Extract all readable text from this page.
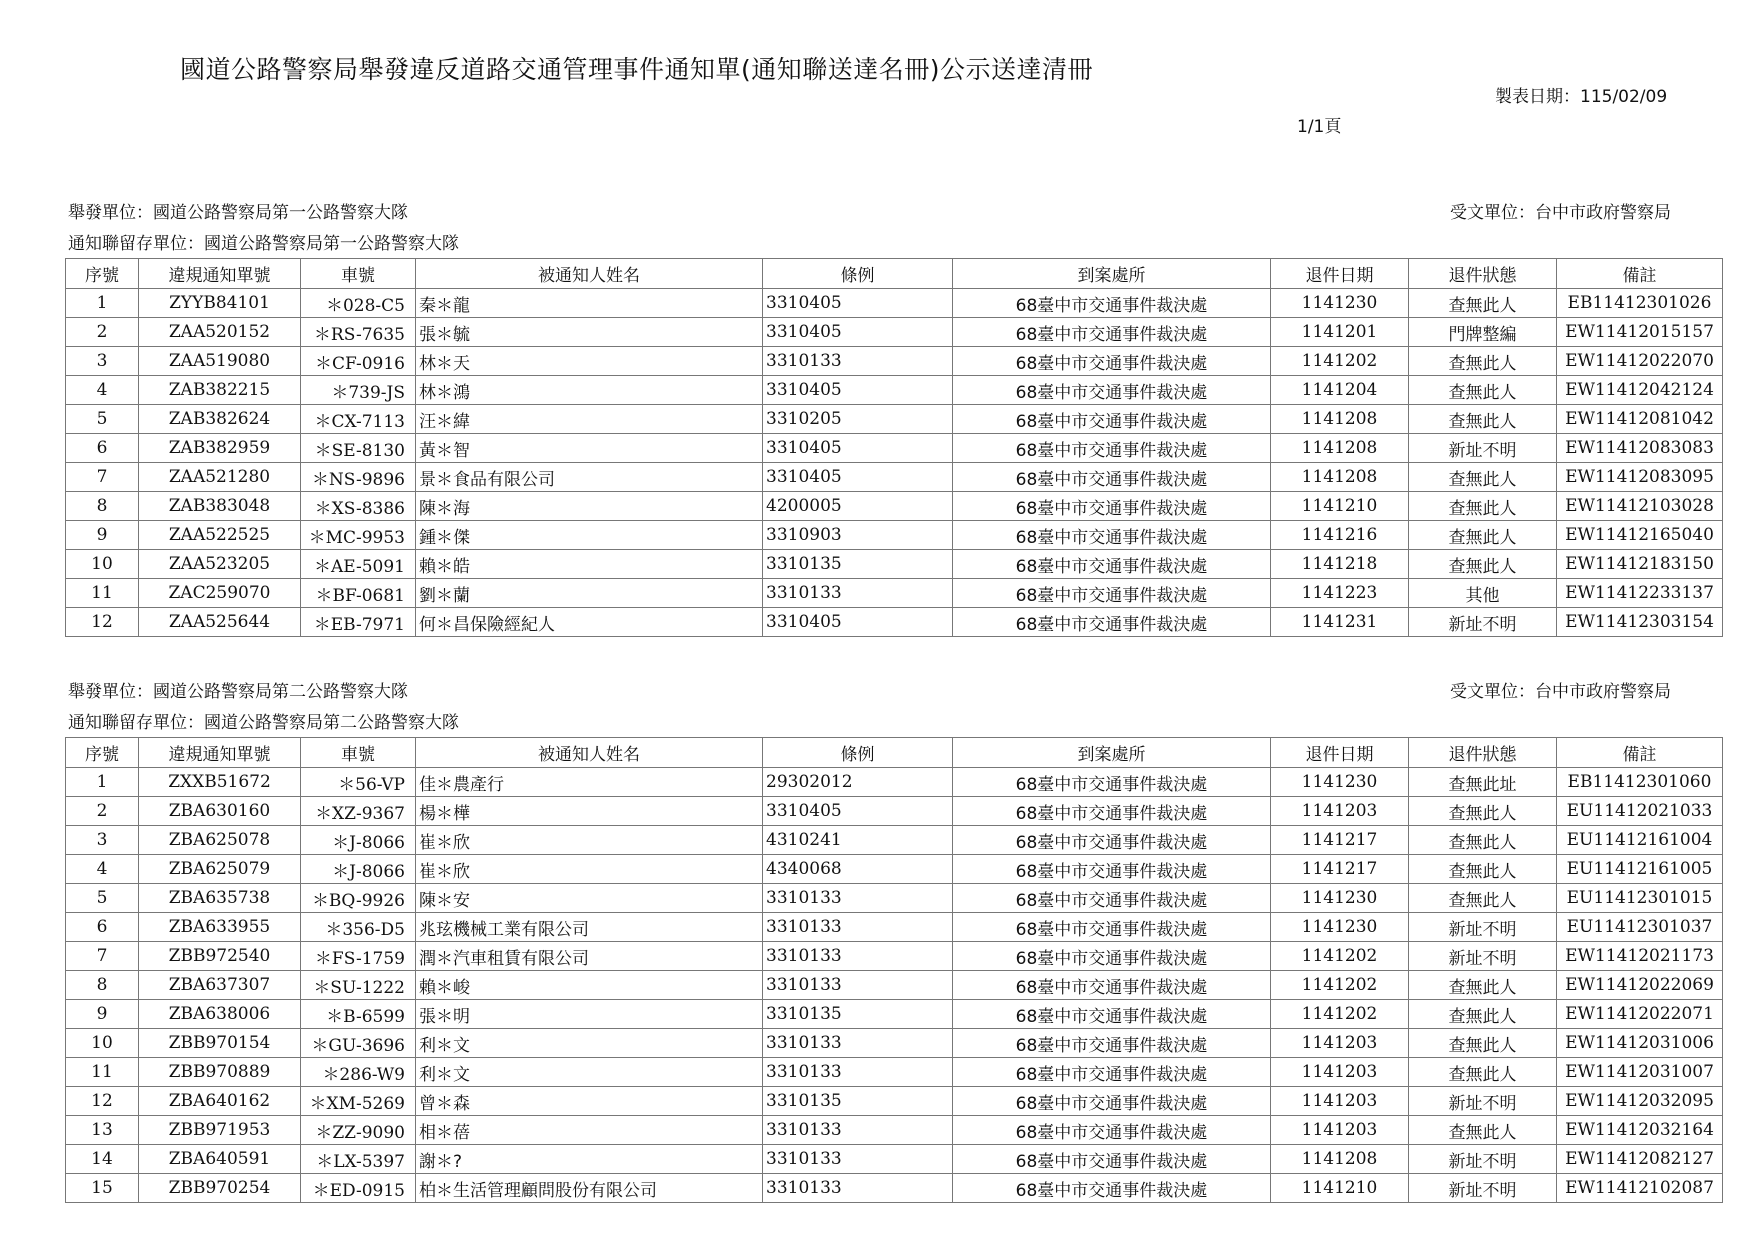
國道公路警察局舉發違反道路交通管理事件通知單(通知聯送達名冊)公示送達清冊
製表日期：115/02/09
1/1頁
舉發單位：國道公路警察局第一公路警察大隊	受文單位：台中市政府警察局
通知聯留存單位：國道公路警察局第一公路警察大隊
序號	違規通知單號	車號	被通知人姓名	條例	到案處所	退件日期	退件狀態	備註
1	ZYYB84101	＊028-C5	秦＊龍	3310405	68臺中市交通事件裁決處	1141230	查無此人	EB11412301026
2	ZAA520152	＊RS-7635	張＊毓	3310405	68臺中市交通事件裁決處	1141201	門牌整編	EW11412015157
3	ZAA519080	＊CF-0916	林＊天	3310133	68臺中市交通事件裁決處	1141202	查無此人	EW11412022070
4	ZAB382215	＊739-JS	林＊鴻	3310405	68臺中市交通事件裁決處	1141204	查無此人	EW11412042124
5	ZAB382624	＊CX-7113	汪＊緯	3310205	68臺中市交通事件裁決處	1141208	查無此人	EW11412081042
6	ZAB382959	＊SE-8130	黃＊智	3310405	68臺中市交通事件裁決處	1141208	新址不明	EW11412083083
7	ZAA521280	＊NS-9896	景＊食品有限公司	3310405	68臺中市交通事件裁決處	1141208	查無此人	EW11412083095
8	ZAB383048	＊XS-8386	陳＊海	4200005	68臺中市交通事件裁決處	1141210	查無此人	EW11412103028
9	ZAA522525	＊MC-9953	鍾＊傑	3310903	68臺中市交通事件裁決處	1141216	查無此人	EW11412165040
10	ZAA523205	＊AE-5091	賴＊皓	3310135	68臺中市交通事件裁決處	1141218	查無此人	EW11412183150
11	ZAC259070	＊BF-0681	劉＊蘭	3310133	68臺中市交通事件裁決處	1141223	其他	EW11412233137
12	ZAA525644	＊EB-7971	何＊昌保險經紀人	3310405	68臺中市交通事件裁決處	1141231	新址不明	EW11412303154
舉發單位：國道公路警察局第二公路警察大隊	受文單位：台中市政府警察局
通知聯留存單位：國道公路警察局第二公路警察大隊
序號	違規通知單號	車號	被通知人姓名	條例	到案處所	退件日期	退件狀態	備註
1	ZXXB51672	＊56-VP	佳＊農產行	29302012	68臺中市交通事件裁決處	1141230	查無此址	EB11412301060
2	ZBA630160	＊XZ-9367	楊＊樺	3310405	68臺中市交通事件裁決處	1141203	查無此人	EU11412021033
3	ZBA625078	＊J-8066	崔＊欣	4310241	68臺中市交通事件裁決處	1141217	查無此人	EU11412161004
4	ZBA625079	＊J-8066	崔＊欣	4340068	68臺中市交通事件裁決處	1141217	查無此人	EU11412161005
5	ZBA635738	＊BQ-9926	陳＊安	3310133	68臺中市交通事件裁決處	1141230	查無此人	EU11412301015
6	ZBA633955	＊356-D5	兆玹機械工業有限公司	3310133	68臺中市交通事件裁決處	1141230	新址不明	EU11412301037
7	ZBB972540	＊FS-1759	潤＊汽車租賃有限公司	3310133	68臺中市交通事件裁決處	1141202	新址不明	EW11412021173
8	ZBA637307	＊SU-1222	賴＊峻	3310133	68臺中市交通事件裁決處	1141202	查無此人	EW11412022069
9	ZBA638006	＊B-6599	張＊明	3310135	68臺中市交通事件裁決處	1141202	查無此人	EW11412022071
10	ZBB970154	＊GU-3696	利＊文	3310133	68臺中市交通事件裁決處	1141203	查無此人	EW11412031006
11	ZBB970889	＊286-W9	利＊文	3310133	68臺中市交通事件裁決處	1141203	查無此人	EW11412031007
12	ZBA640162	＊XM-5269	曾＊森	3310135	68臺中市交通事件裁決處	1141203	新址不明	EW11412032095
13	ZBB971953	＊ZZ-9090	相＊蓓	3310133	68臺中市交通事件裁決處	1141203	查無此人	EW11412032164
14	ZBA640591	＊LX-5397	謝＊?	3310133	68臺中市交通事件裁決處	1141208	新址不明	EW11412082127
15	ZBB970254	＊ED-0915	柏＊生活管理顧問股份有限公司	3310133	68臺中市交通事件裁決處	1141210	新址不明	EW11412102087
